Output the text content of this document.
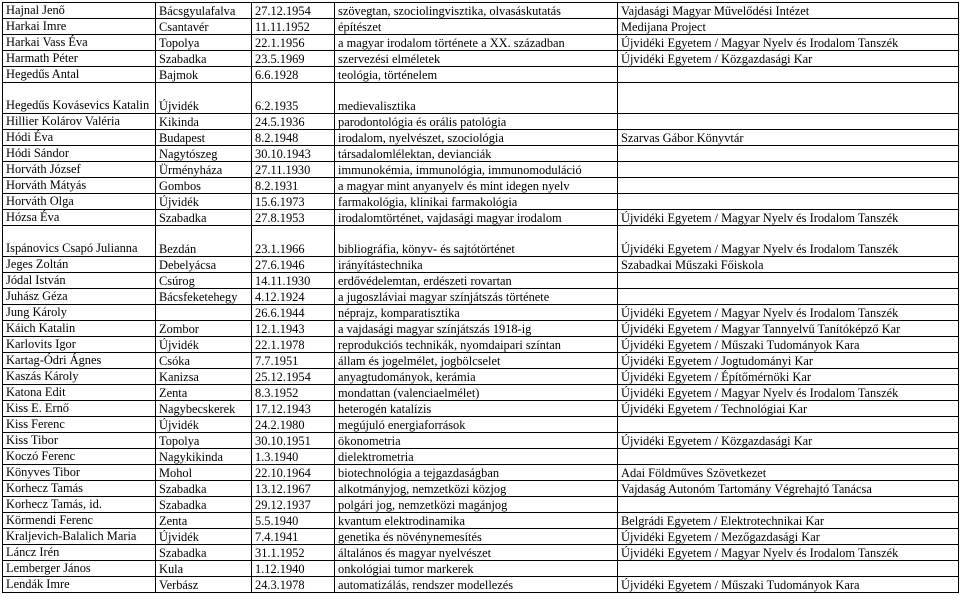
Hajnal Jenő	Bácsgyulafalva	27.12.1954	szövegtan, szociolingvisztika, olvasáskutatás	Vajdasági Magyar Művelődési Intézet
Harkai Imre	Csantavér	11.11.1952	építészet	Medijana Project
Harkai Vass Éva	Topolya	22.1.1956	a magyar irodalom története a XX. században	Újvidéki Egyetem / Magyar Nyelv és Irodalom Tanszék
Harmath Péter	Szabadka	23.5.1969	szervezési elméletek	Újvidéki Egyetem / Közgazdasági Kar
Hegedűs Antal	Bajmok	6.6.1928	teológia, történelem	
Hegedűs Kovásevics Katalin	Újvidék	6.2.1935	medievalisztika	
Hillier Kolárov Valéria	Kikinda	24.5.1936	parodontológia és orális patológia	
Hódi Éva	Budapest	8.2.1948	irodalom, nyelvészet, szociológia	Szarvas Gábor Könyvtár
Hódi Sándor	Nagytószeg	30.10.1943	társadalomlélektan, devianciák	
Horváth József	Ürményháza	27.11.1930	immunokémia, immunológia, immunomoduláció	
Horváth Mátyás	Gombos	8.2.1931	a magyar mint anyanyelv és mint idegen nyelv	
Horváth Olga	Újvidék	15.6.1973	farmakológia, klinikai farmakológia	
Hózsa Éva	Szabadka	27.8.1953	irodalomtörténet, vajdasági magyar irodalom	Újvidéki Egyetem / Magyar Nyelv és Irodalom Tanszék
Ispánovics Csapó Julianna	Bezdán	23.1.1966	bibliográfia, könyv- és sajtótörténet	Újvidéki Egyetem / Magyar Nyelv és Irodalom Tanszék
Jeges Zoltán	Debelyácsa	27.6.1946	irányítástechnika	Szabadkai Műszaki Főiskola
Jódal István	Csúrog	14.11.1930	erdővédelemtan, erdészeti rovartan	
Juhász Géza	Bácsfeketehegy	4.12.1924	a jugoszláviai magyar színjátszás története	
Jung Károly		26.6.1944	néprajz, komparatisztika	Újvidéki Egyetem / Magyar Nyelv és Irodalom Tanszék
Káich Katalin	Zombor	12.1.1943	a vajdasági magyar színjátszás 1918-ig	Újvidéki Egyetem / Magyar Tannyelvű Tanítóképző Kar
Karlovits Igor	Újvidék	22.1.1978	reprodukciós technikák, nyomdaipari színtan	Újvidéki Egyetem / Műszaki Tudományok Kara
Kartag-Ódri Ágnes	Csóka	7.7.1951	állam és jogelmélet, jogbölcselet	Újvidéki Egyetem / Jogtudományi Kar
Kaszás Károly	Kanizsa	25.12.1954	anyagtudományok, kerámia	Újvidéki Egyetem / Építőmérnöki Kar
Katona Edit	Zenta	8.3.1952	mondattan (valenciaelmélet)	Újvidéki Egyetem / Magyar Nyelv és Irodalom Tanszék
Kiss E. Ernő	Nagybecskerek	17.12.1943	heterogén katalízis	Újvidéki Egyetem / Technológiai Kar
Kiss Ferenc	Újvidék	24.2.1980	megújuló energiaforrások	
Kiss Tibor	Topolya	30.10.1951	ökonometria	Újvidéki Egyetem / Közgazdasági Kar
Koczó Ferenc	Nagykikinda	1.3.1940	dielektrometria	
Könyves Tibor	Mohol	22.10.1964	biotechnológia a tejgazdaságban	Adai Földműves Szövetkezet
Korhecz Tamás	Szabadka	13.12.1967	alkotmányjog, nemzetközi közjog	Vajdaság Autonóm Tartomány Végrehajtó Tanácsa
Korhecz Tamás, id.	Szabadka	29.12.1937	polgári jog, nemzetközi magánjog	
Körmendi Ferenc	Zenta	5.5.1940	kvantum elektrodinamika	Belgrádi Egyetem / Elektrotechnikai Kar
Kraljevich-Balalich Maria	Újvidék	7.4.1941	genetika és növénynemesítés	Újvidéki Egyetem / Mezőgazdasági Kar
Láncz Irén	Szabadka	31.1.1952	általános és magyar nyelvészet	Újvidéki Egyetem / Magyar Nyelv és Irodalom Tanszék
Lemberger János	Kula	1.12.1940	onkológiai tumor markerek	
Lendák Imre	Verbász	24.3.1978	automatizálás, rendszer modellezés	Újvidéki Egyetem / Műszaki Tudományok Kara
